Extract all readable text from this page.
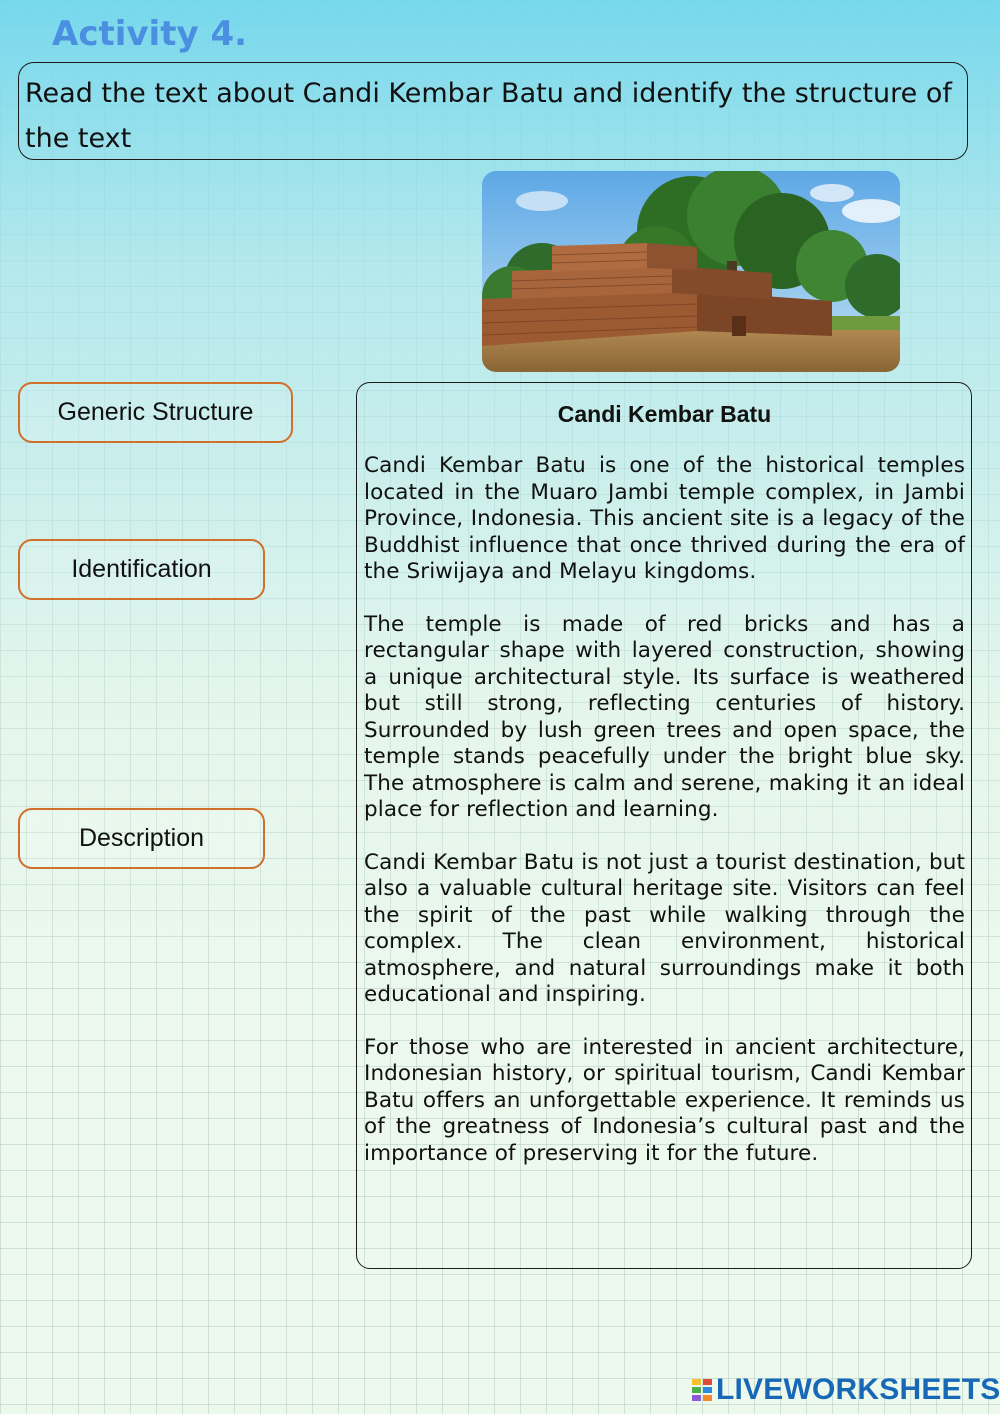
Activity 4.
Read the text about Candi Kembar Batu and identify the structure of the text
Generic Structure
Identification
Description
Candi Kembar Batu

Candi Kembar Batu is one of the historical temples located in the Muaro Jambi temple complex, in Jambi Province, Indonesia. This ancient site is a legacy of the Buddhist influence that once thrived during the era of the Sriwijaya and Melayu kingdoms.

The temple is made of red bricks and has a rectangular shape with layered construction, showing a unique architectural style. Its surface is weathered but still strong, reflecting centuries of history. Surrounded by lush green trees and open space, the temple stands peacefully under the bright blue sky. The atmosphere is calm and serene, making it an ideal place for reflection and learning.

Candi Kembar Batu is not just a tourist destination, but also a valuable cultural heritage site. Visitors can feel the spirit of the past while walking through the complex. The clean environment, historical atmosphere, and natural surroundings make it both educational and inspiring.

For those who are interested in ancient architecture, Indonesian history, or spiritual tourism, Candi Kembar Batu offers an unforgettable experience. It reminds us of the greatness of Indonesia’s cultural past and the importance of preserving it for the future.

LIVEWORKSHEETS
